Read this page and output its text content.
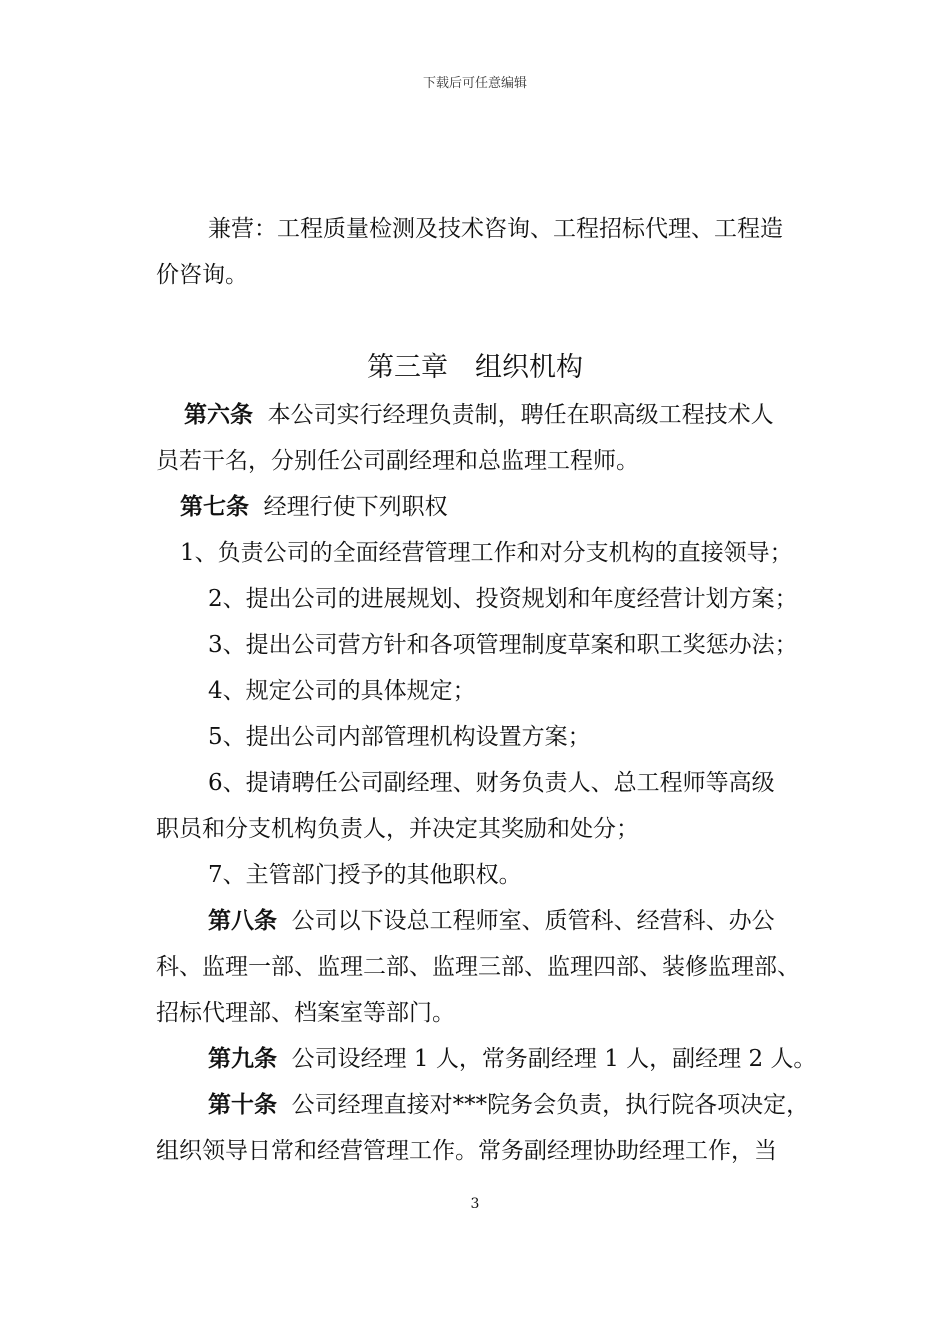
下载后可任意编辑

兼营：工程质量检测及技术咨询、工程招标代理、工程造

价咨询。

第三章　组织机构

第六条 本公司实行经理负责制，聘任在职高级工程技术人

员若干名，分别任公司副经理和总监理工程师。

第七条 经理行使下列职权

1、负责公司的全面经营管理工作和对分支机构的直接领导；

2、提出公司的进展规划、投资规划和年度经营计划方案；

3、提出公司营方针和各项管理制度草案和职工奖惩办法；

4、规定公司的具体规定；

5、提出公司内部管理机构设置方案；

6、提请聘任公司副经理、财务负责人、总工程师等高级

职员和分支机构负责人，并决定其奖励和处分；

7、主管部门授予的其他职权。

第八条 公司以下设总工程师室、质管科、经营科、办公

科、监理一部、监理二部、监理三部、监理四部、装修监理部、

招标代理部、档案室等部门。

第九条 公司设经理 1 人，常务副经理 1 人，副经理 2 人。

第十条 公司经理直接对***院务会负责，执行院各项决定，

组织领导日常和经营管理工作。常务副经理协助经理工作，当

3
